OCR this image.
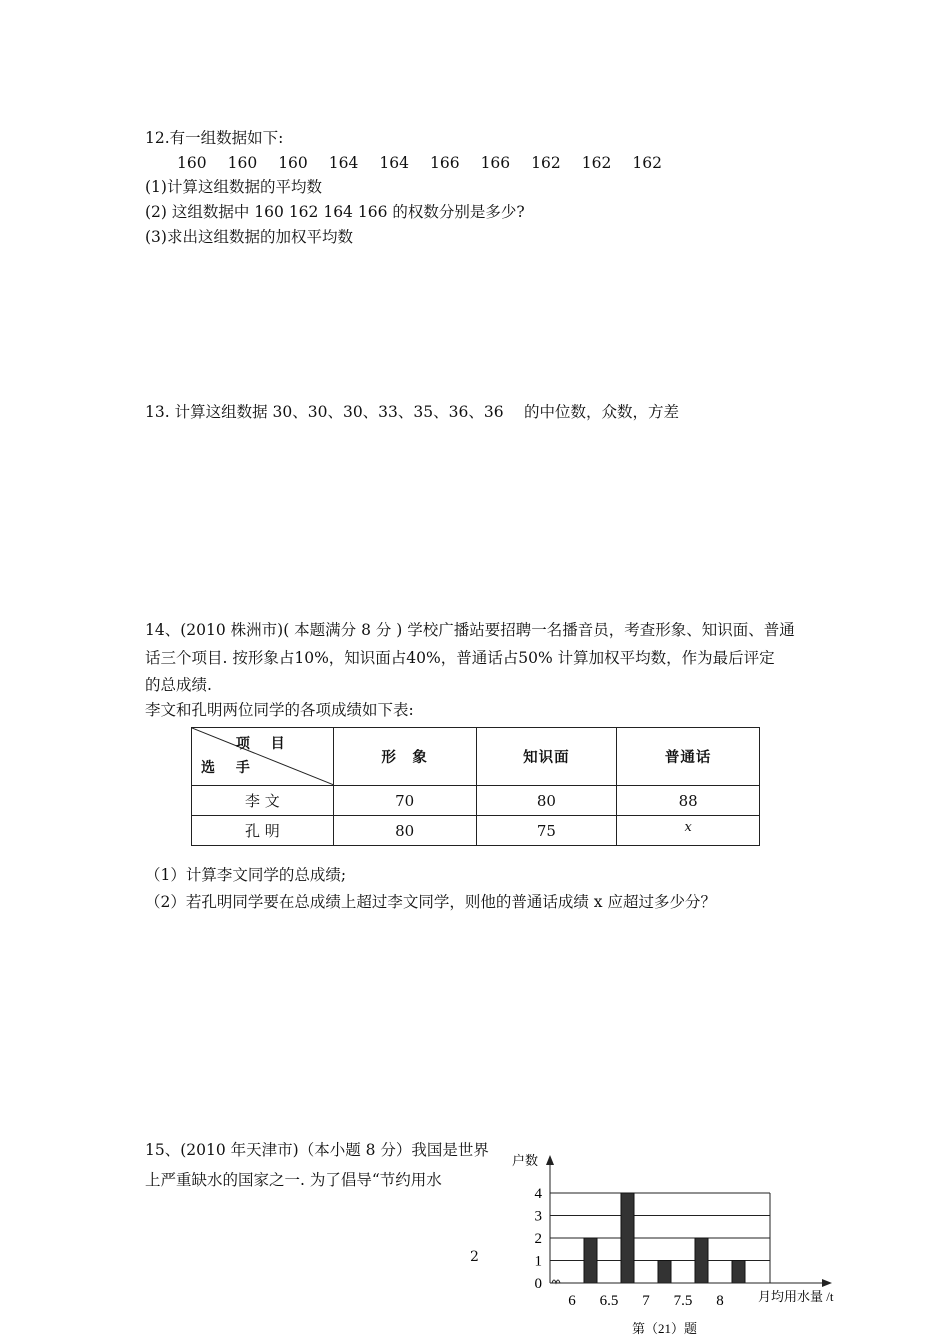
12.有一组数据如下:
160 160 160 164 164 166 166 162 162 162
(1)计算这组数据的平均数
(2) 这组数据中 160 162 164 166 的权数分别是多少?
(3)求出这组数据的加权平均数
13. 计算这组数据 30、30、30、33、35、36、36　 的中位数，众数，方差
14、(2010 株洲市)( 本题满分 8 分 ) 学校广播站要招聘一名播音员，考查形象、知识面、普通
话三个项目. 按形象占10%，知识面占40%，普通话占50% 计算加权平均数，作为最后评定
的总成绩.
李文和孔明两位同学的各项成绩如下表:
项 目
选 手	形　象	知识面	普通话
李 文	70	80	88
孔 明	80	75	x
（1）计算李文同学的总成绩;
（2）若孔明同学要在总成绩上超过李文同学，则他的普通话成绩 x 应超过多少分？
15、(2010 年天津市)（本小题 8 分）我国是世界
上严重缺水的国家之一. 为了倡导“节约用水
2
户数
月均用水量 /t
第（21）题
0
1
2
3
4
6 6.5 7 7.5 8
